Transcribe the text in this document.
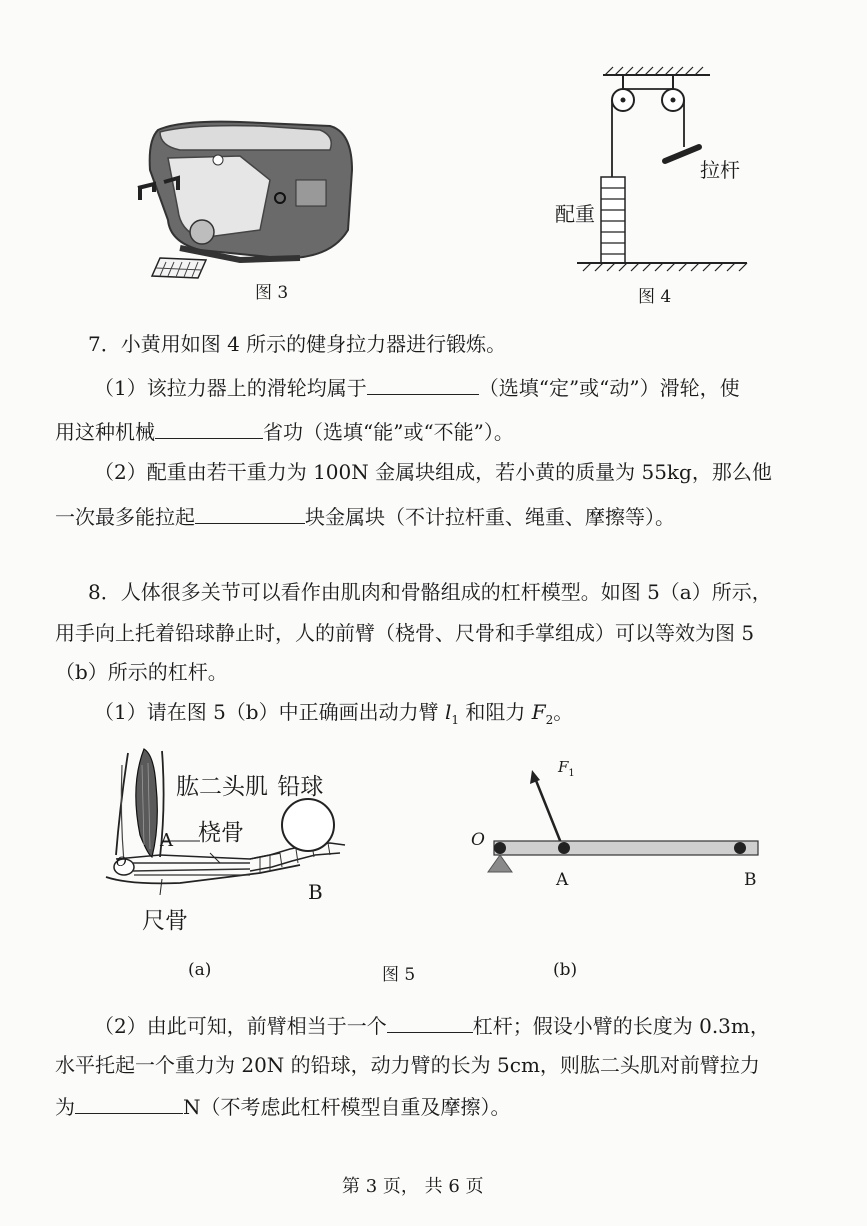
图 3
拉杆
配重
图 4
7．小黄用如图 4 所示的健身拉力器进行锻炼。
（1）该拉力器上的滑轮均属于	（选填“定”或“动”）滑轮，使
用这种机械	省功（选填“能”或“不能”）。
（2）配重由若干重力为 100N 金属块组成，若小黄的质量为 55kg，那么他
一次最多能拉起	块金属块（不计拉杆重、绳重、摩擦等）。
8．人体很多关节可以看作由肌肉和骨骼组成的杠杆模型。如图 5（a）所示，
用手向上托着铅球静止时，人的前臂（桡骨、尺骨和手掌组成）可以等效为图 5
（b）所示的杠杆。
（1）请在图 5（b）中正确画出动力臂 $l_1$ 和阻力 $F_2$。
肱二头肌 铅球
桡骨
尺骨
A
B
O
O
A	B
$F_1$
(a)	图 5	(b)
（2）由此可知，前臂相当于一个	杠杆；假设小臂的长度为 0.3m，
水平托起一个重力为 20N 的铅球，动力臂的长为 5cm，则肱二头肌对前臂拉力
为	N（不考虑此杠杆模型自重及摩擦）。
第 3 页， 共 6 页
